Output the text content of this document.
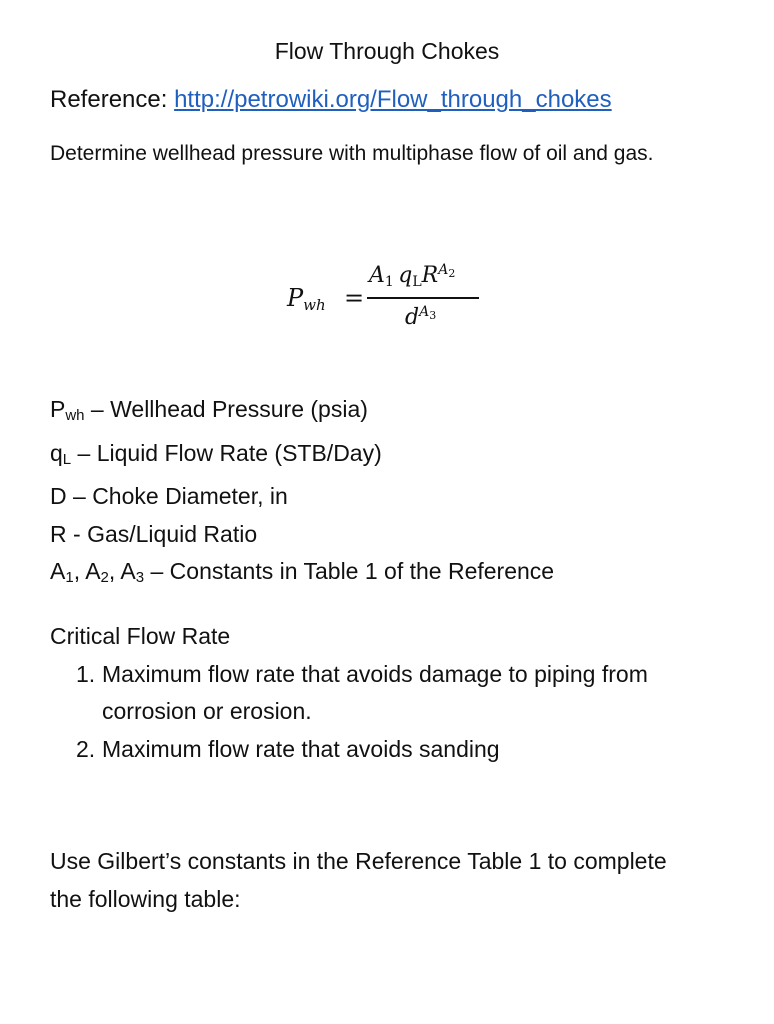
Flow Through Chokes
Reference: http://petrowiki.org/Flow_through_chokes
Determine wellhead pressure with multiphase flow of oil and gas.
$P_{wh}$ =
$A_1$  $q_LR^{A_2}$
$d^{A_3}$
$P_{wh}$ – Wellhead Pressure (psia)
$q_L$ – Liquid Flow Rate (STB/Day)
D – Choke Diameter, in
R - Gas/Liquid Ratio
$A_1$, $A_2$, $A_3$ – Constants in Table 1 of the Reference
Critical Flow Rate
1. Maximum flow rate that avoids damage to piping from corrosion or erosion.
2. Maximum flow rate that avoids sanding
Use Gilbert’s constants in the Reference Table 1 to complete the following table:
